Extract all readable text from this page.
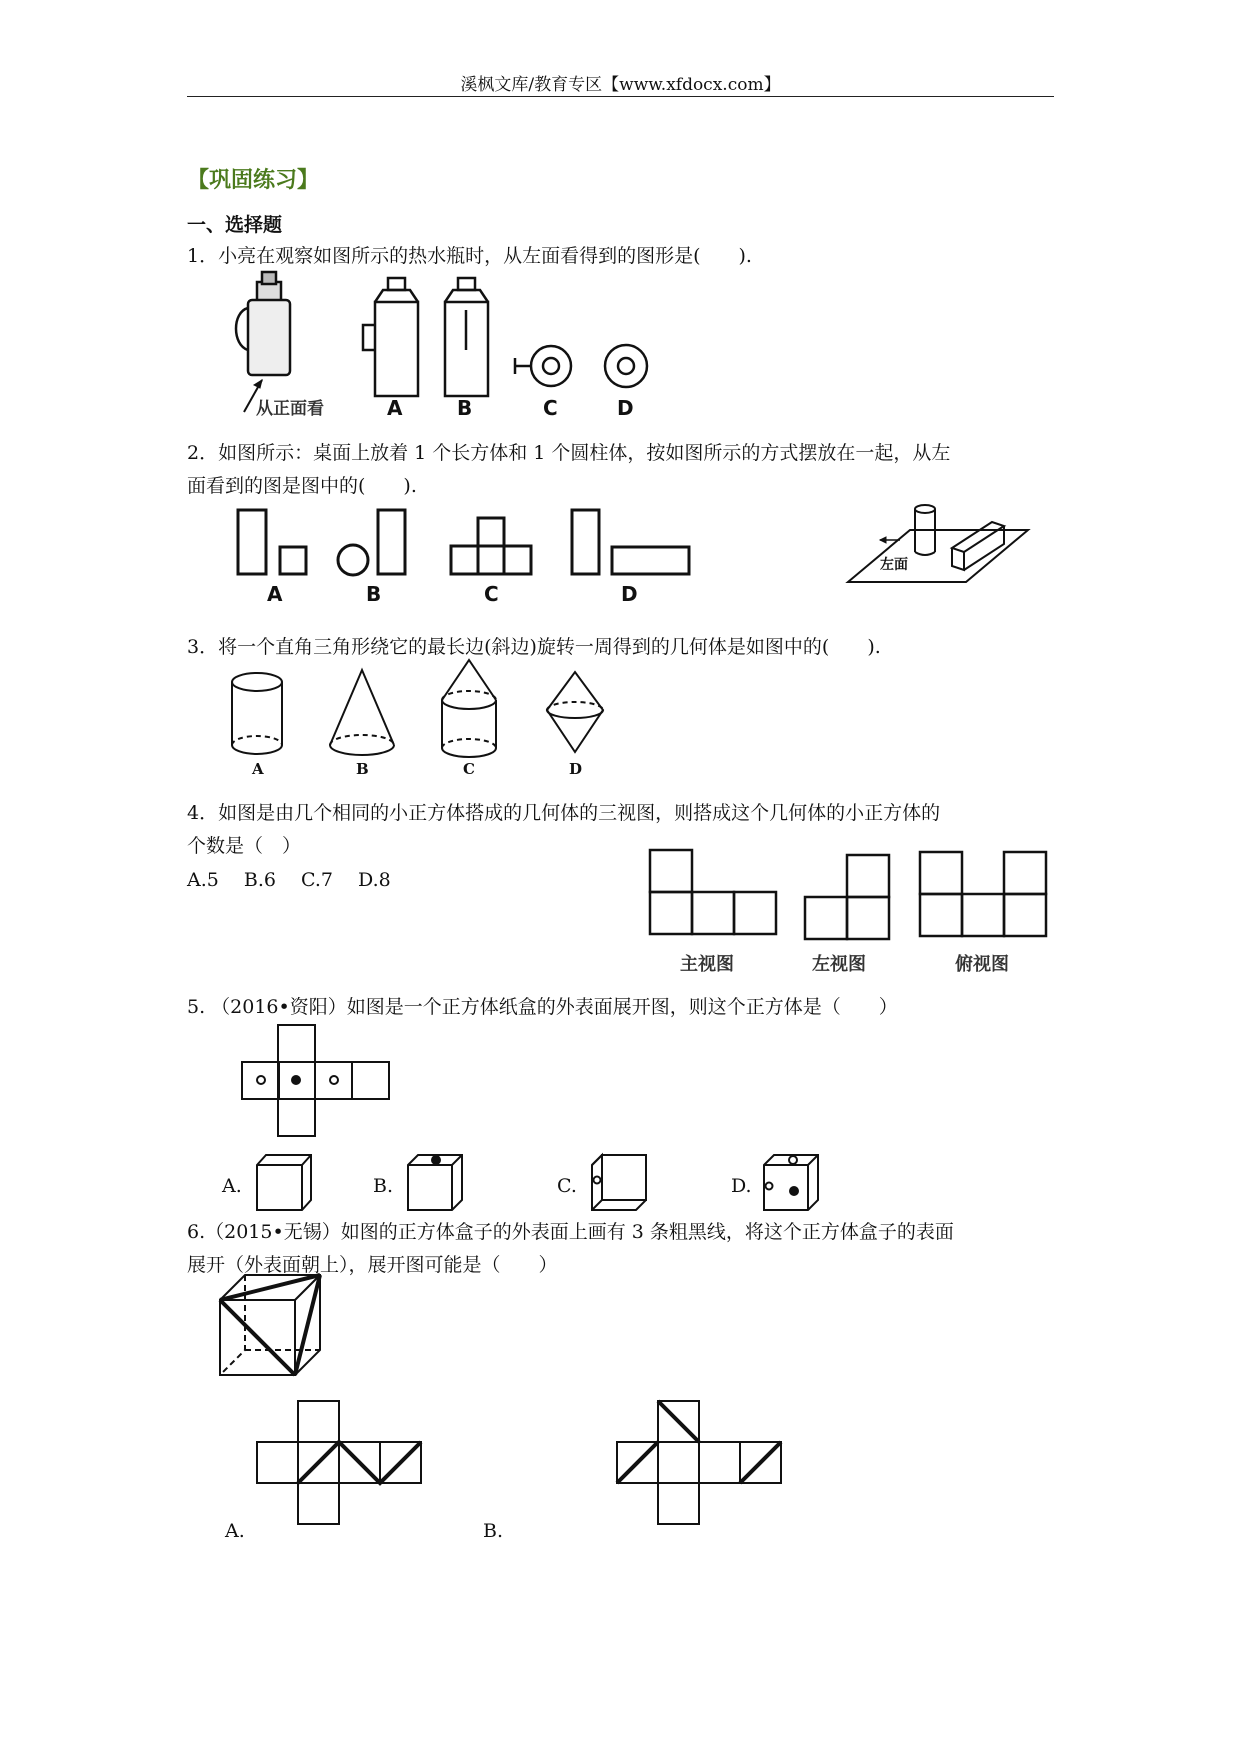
溪枫文库/教育专区【www.xfdocx.com】
【巩固练习】
一、选择题
1．小亮在观察如图所示的热水瓶时，从左面看得到的图形是(　　).
从正面看	A	B	C	D
2．如图所示：桌面上放着 1 个长方体和 1 个圆柱体，按如图所示的方式摆放在一起，从左
面看到的图是图中的(　　).
A	B	C	D
左面
3．将一个直角三角形绕它的最长边(斜边)旋转一周得到的几何体是如图中的(　　).
A	B	C	D
4．如图是由几个相同的小正方体搭成的几何体的三视图，则搭成这个几何体的小正方体的
个数是（　）
A.5　 B.6　 C.7　 D.8
主视图	左视图	俯视图
5. （2016•资阳）如图是一个正方体纸盒的外表面展开图，则这个正方体是（　　）
A.	B.	C.	D.
6.（2015•无锡）如图的正方体盒子的外表面上画有 3 条粗黑线，将这个正方体盒子的表面
展开（外表面朝上），展开图可能是（　　）
A.	B.
